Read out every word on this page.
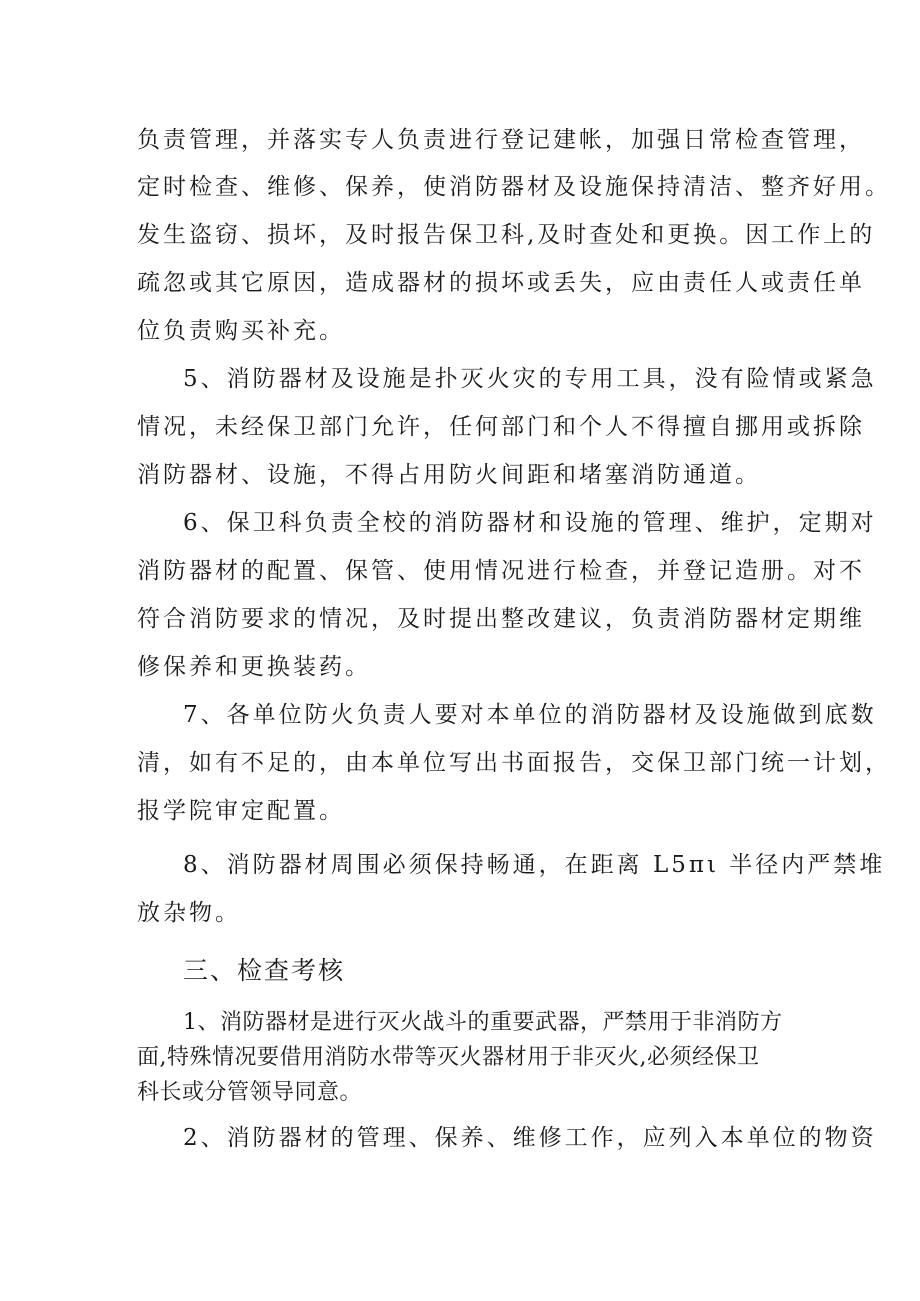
负责管理，并落实专人负责进行登记建帐，加强日常检查管理，
定时检查、维修、保养，使消防器材及设施保持清洁、整齐好用。
发生盗窃、损坏，及时报告保卫科,及时查处和更换。因工作上的
疏忽或其它原因，造成器材的损坏或丢失，应由责任人或责任单
位负责购买补充。
5、消防器材及设施是扑灭火灾的专用工具，没有险情或紧急
情况，未经保卫部门允许，任何部门和个人不得擅自挪用或拆除
消防器材、设施，不得占用防火间距和堵塞消防通道。
6、保卫科负责全校的消防器材和设施的管理、维护，定期对
消防器材的配置、保管、使用情况进行检查，并登记造册。对不
符合消防要求的情况，及时提出整改建议，负责消防器材定期维
修保养和更换装药。
7、各单位防火负责人要对本单位的消防器材及设施做到底数
清，如有不足的，由本单位写出书面报告，交保卫部门统一计划，
报学院审定配置。
8、消防器材周围必须保持畅通，在距离 L5πι 半径内严禁堆
放杂物。
三、检查考核
1、消防器材是进行灭火战斗的重要武器，严禁用于非消防方
面,特殊情况要借用消防水带等灭火器材用于非灭火,必须经保卫
科长或分管领导同意。
2、消防器材的管理、保养、维修工作，应列入本单位的物资
